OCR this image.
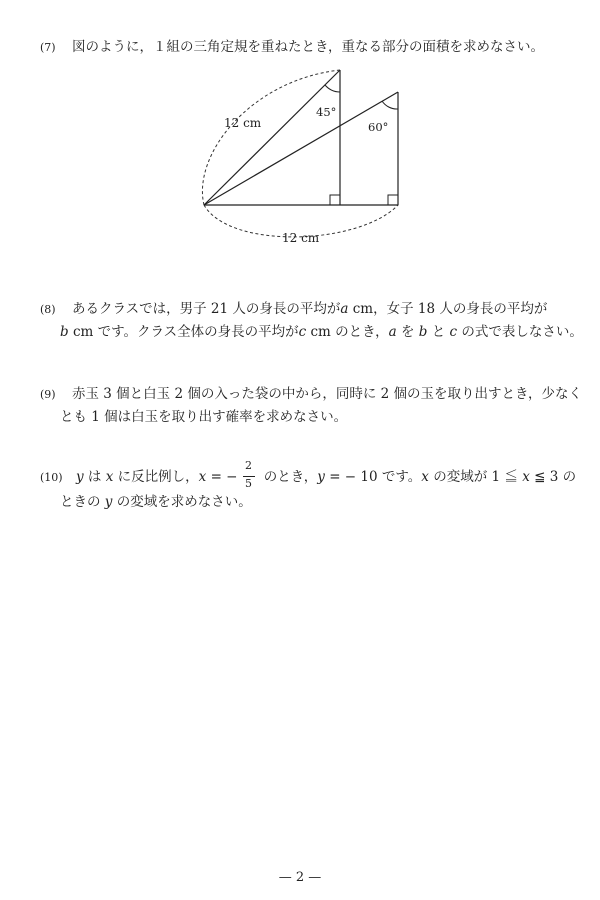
(7)	図のように，１組の三角定規を重ねたとき，重なる部分の面積を求めなさい。
12 cm
12 cm
45°
60°
(8)	あるクラスでは，男子 21 人の身長の平均がa cm，女子 18 人の身長の平均が
b cm です。クラス全体の身長の平均がc cm のとき，a を b と c の式で表しなさい。
(9)	赤玉 3 個と白玉 2 個の入った袋の中から，同時に 2 個の玉を取り出すとき，少なく
とも 1 個は白玉を取り出す確率を求めなさい。
(10) y は x に反比例し，x = − $\frac{2}{5}$ のとき，y = − 10 です。x の変域が 1 ≦ x ≦ 3 の
ときの y の変域を求めなさい。
— 2 —
